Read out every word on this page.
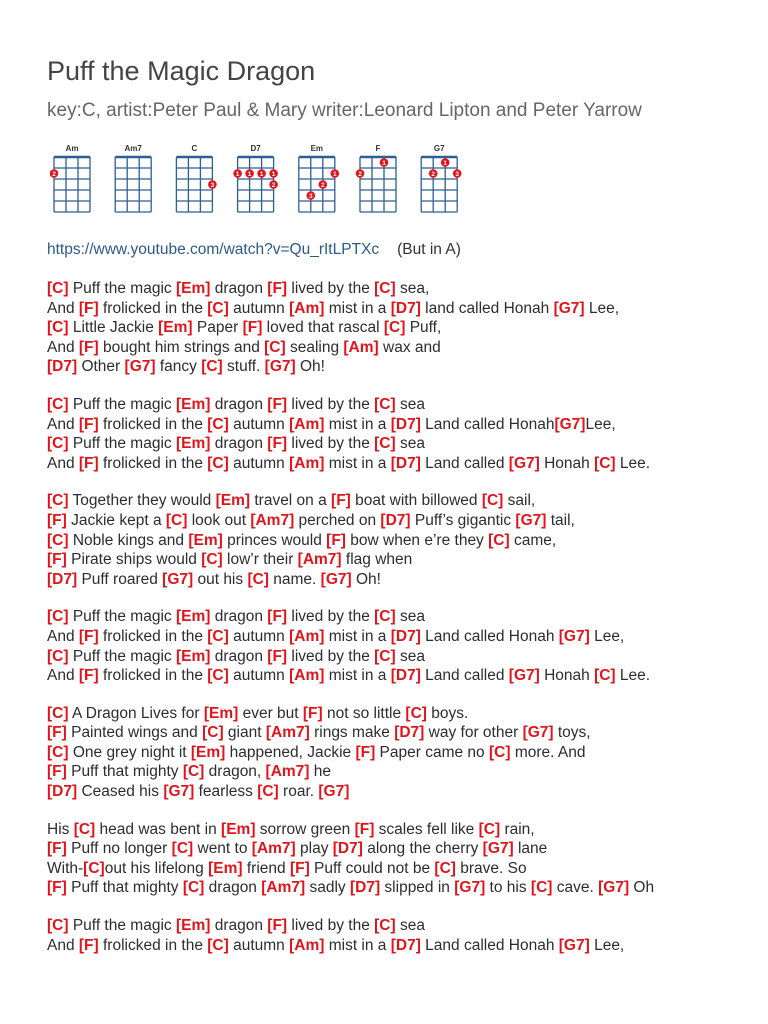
Puff the Magic Dragon
key:C, artist:Peter Paul & Mary writer:Leonard Lipton and Peter Yarrow
Am
2
Am7	C
3
D7
1 1 1 1
2
Em
3
2
1
F
2
1
G7
2
1
3
https://www.youtube.com/watch?v=Qu_rItLPTXc (But in A)
[C] Puff the magic [Em] dragon [F] lived by the [C] sea,
And [F] frolicked in the [C] autumn [Am] mist in a [D7] land called Honah [G7] Lee,
[C] Little Jackie [Em] Paper [F] loved that rascal [C] Puff,
And [F] bought him strings and [C] sealing [Am] wax and
[D7] Other [G7] fancy [C] stuff. [G7] Oh!
[C] Puff the magic [Em] dragon [F] lived by the [C] sea
And [F] frolicked in the [C] autumn [Am] mist in a [D7] Land called Honah[G7]Lee,
[C] Puff the magic [Em] dragon [F] lived by the [C] sea
And [F] frolicked in the [C] autumn [Am] mist in a [D7] Land called [G7] Honah [C] Lee.
[C] Together they would [Em] travel on a [F] boat with billowed [C] sail,
[F] Jackie kept a [C] look out [Am7] perched on [D7] Puff’s gigantic [G7] tail,
[C] Noble kings and [Em] princes would [F] bow when e’re they [C] came,
[F] Pirate ships would [C] low’r their [Am7] flag when
[D7] Puff roared [G7] out his [C] name. [G7] Oh!
[C] Puff the magic [Em] dragon [F] lived by the [C] sea
And [F] frolicked in the [C] autumn [Am] mist in a [D7] Land called Honah [G7] Lee,
[C] Puff the magic [Em] dragon [F] lived by the [C] sea
And [F] frolicked in the [C] autumn [Am] mist in a [D7] Land called [G7] Honah [C] Lee.
[C] A Dragon Lives for [Em] ever but [F] not so little [C] boys.
[F] Painted wings and [C] giant [Am7] rings make [D7] way for other [G7] toys,
[C] One grey night it [Em] happened, Jackie [F] Paper came no [C] more. And
[F] Puff that mighty [C] dragon, [Am7] he
[D7] Ceased his [G7] fearless [C] roar. [G7]
His [C] head was bent in [Em] sorrow green [F] scales fell like [C] rain,
[F] Puff no longer [C] went to [Am7] play [D7] along the cherry [G7] lane
With-[C]out his lifelong [Em] friend [F] Puff could not be [C] brave. So
[F] Puff that mighty [C] dragon [Am7] sadly [D7] slipped in [G7] to his [C] cave. [G7] Oh
[C] Puff the magic [Em] dragon [F] lived by the [C] sea
And [F] frolicked in the [C] autumn [Am] mist in a [D7] Land called Honah [G7] Lee,
